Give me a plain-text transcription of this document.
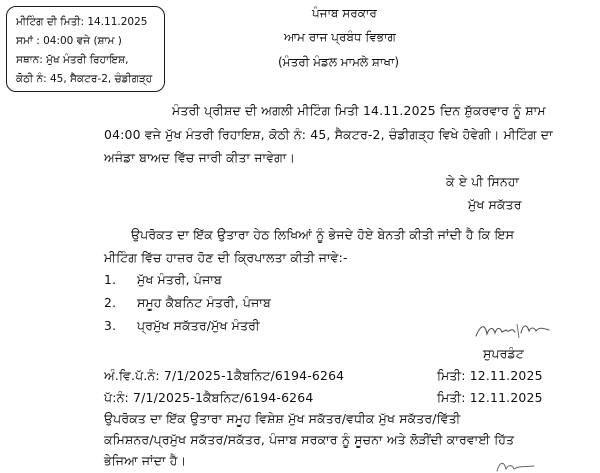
ਮੀਟਿੰਗ ਦੀ ਮਿਤੀ: 14.11.2025
ਸਮਾਂ : 04:00 ਵਜੇ (ਸ਼ਾਮ )
ਸਥਾਨ: ਮੁੱਖ ਮੰਤਰੀ ਰਿਹਾਇਸ਼,
ਕੋਠੀ ਨੰ: 45, ਸੈਕਟਰ-2, ਚੰਡੀਗੜ੍ਹ
ਪੰਜਾਬ ਸਰਕਾਰ
ਆਮ ਰਾਜ ਪ੍ਰਬੰਧ ਵਿਭਾਗ
(ਮੰਤਰੀ ਮੰਡਲ ਮਾਮਲੇ ਸ਼ਾਖਾ)
ਮੰਤਰੀ ਪ੍ਰੀਸ਼ਦ ਦੀ ਅਗਲੀ ਮੀਟਿੰਗ ਮਿਤੀ 14.11.2025 ਦਿਨ ਸ਼ੁੱਕਰਵਾਰ ਨੂੰ ਸ਼ਾਮ
04:00 ਵਜੇ ਮੁੱਖ ਮੰਤਰੀ ਰਿਹਾਇਸ਼, ਕੋਠੀ ਨੰ: 45, ਸੈਕਟਰ-2, ਚੰਡੀਗੜ੍ਹ ਵਿਖੇ ਹੋਵੇਗੀ। ਮੀਟਿੰਗ ਦਾ
ਅਜੰਡਾ ਬਾਅਦ ਵਿੱਚ ਜਾਰੀ ਕੀਤਾ ਜਾਵੇਗਾ।
ਕੇ ਏ ਪੀ ਸਿਨਹਾ
ਮੁੱਖ ਸਕੱਤਰ
ਉਪਰੋਕਤ ਦਾ ਇੱਕ ਉਤਾਰਾ ਹੇਠ ਲਿਖਿਆਂ ਨੂੰ ਭੇਜਦੇ ਹੋਏ ਬੇਨਤੀ ਕੀਤੀ ਜਾਂਦੀ ਹੈ ਕਿ ਇਸ
ਮੀਟਿੰਗ ਵਿੱਚ ਹਾਜ਼ਰ ਹੋਣ ਦੀ ਕ੍ਰਿਪਾਲਤਾ ਕੀਤੀ ਜਾਵੇ:-
1. ਮੁੱਖ ਮੰਤਰੀ, ਪੰਜਾਬ
2. ਸਮੂਹ ਕੈਬਨਿਟ ਮੰਤਰੀ, ਪੰਜਾਬ
3. ਪ੍ਰਮੁੱਖ ਸਕੱਤਰ/ਮੁੱਖ ਮੰਤਰੀ
ਸੁਪਰਡੰਟ
ਅੰ.ਵਿ.ਪੱ.ਨੰ: 7/1/2025-1ਕੈਬਨਿਟ/6194-6264	ਮਿਤੀ: 12.11.2025
ਪੱ:ਨੰ: 7/1/2025-1ਕੈਬਨਿਟ/6194-6264	ਮਿਤੀ: 12.11.2025
ਉਪਰੋਕਤ ਦਾ ਇੱਕ ਉਤਾਰਾ ਸਮੂਹ ਵਿਸ਼ੇਸ਼ ਮੁੱਖ ਸਕੱਤਰ/ਵਧੀਕ ਮੁੱਖ ਸਕੱਤਰ/ਵਿੱਤੀ
ਕਮਿਸ਼ਨਰ/ਪ੍ਰਮੁੱਖ ਸਕੱਤਰ/ਸਕੱਤਰ, ਪੰਜਾਬ ਸਰਕਾਰ ਨੂੰ ਸੂਚਨਾ ਅਤੇ ਲੋੜੀਂਦੀ ਕਾਰਵਾਈ ਹਿੱਤ
ਭੇਜਿਆ ਜਾਂਦਾ ਹੈ।
